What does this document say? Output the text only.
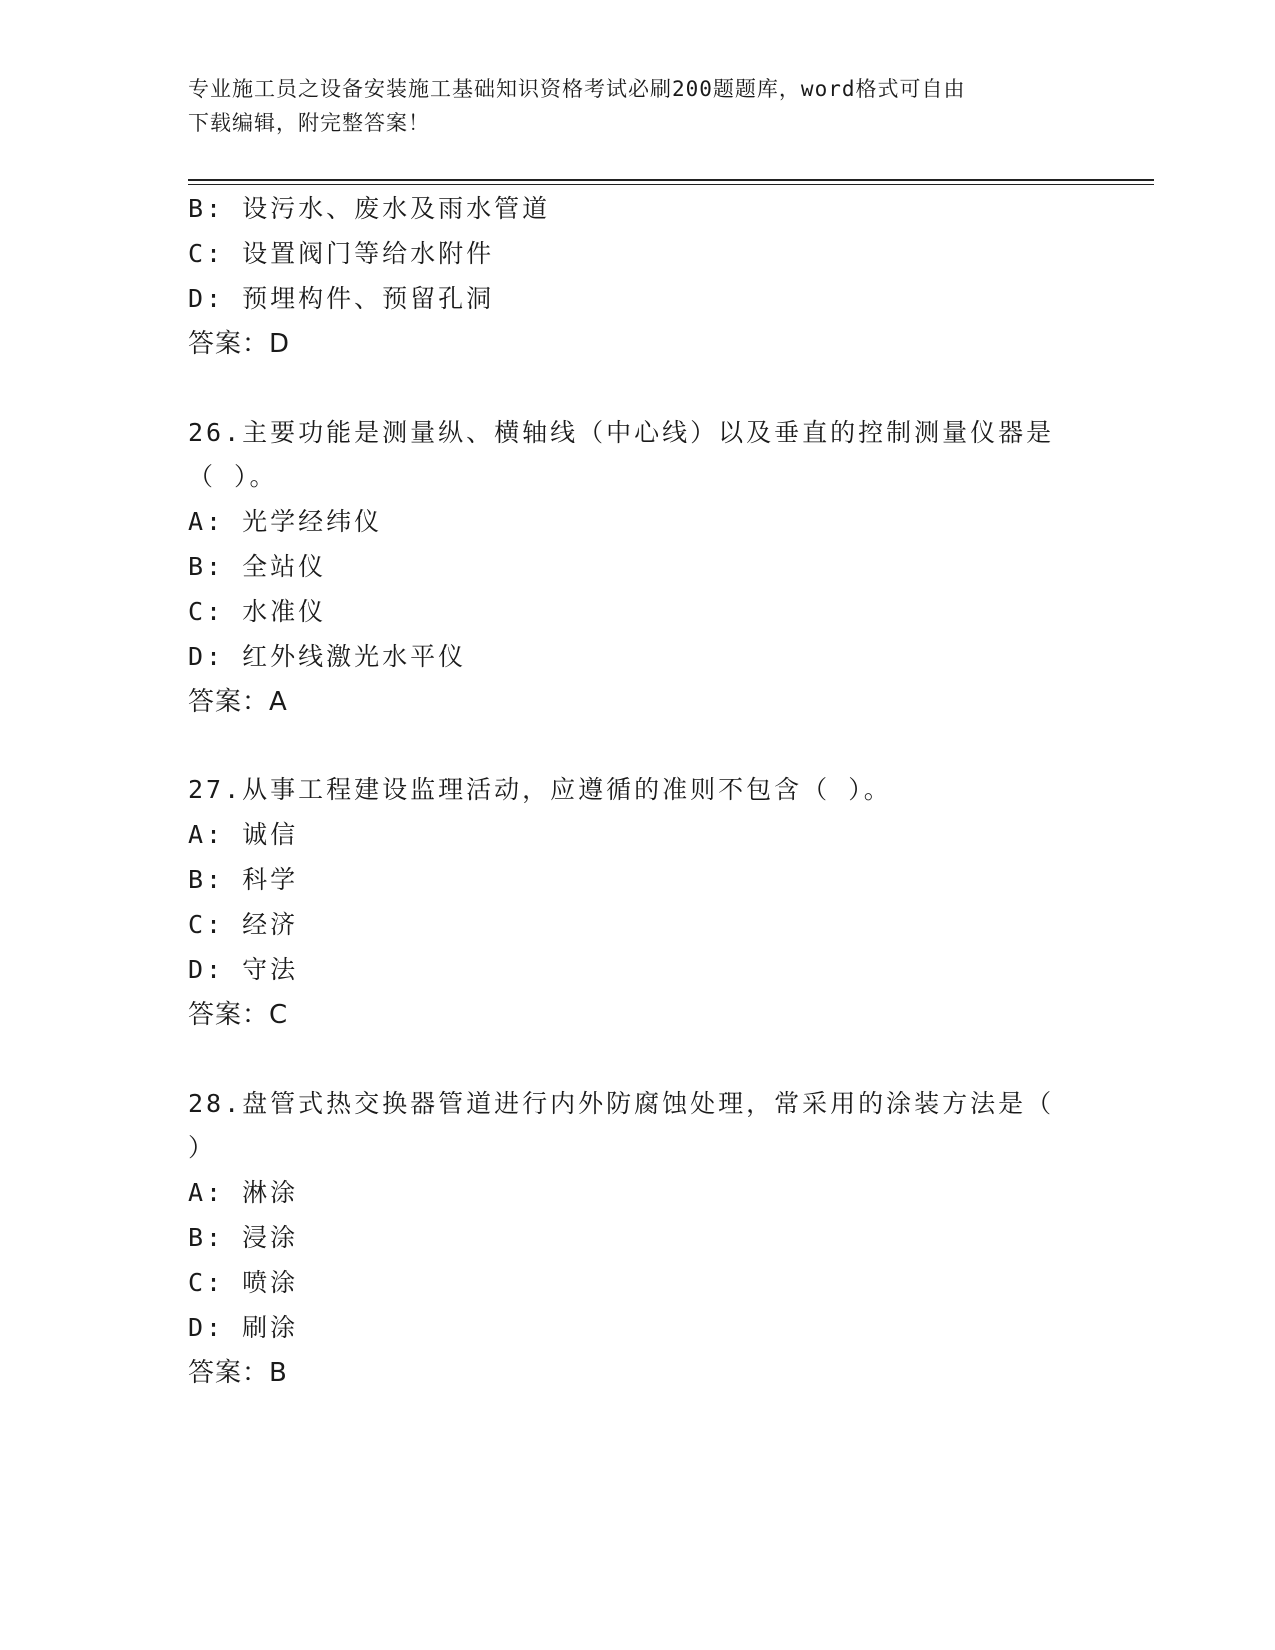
专业施工员之设备安装施工基础知识资格考试必刷200题题库，word格式可自由
下载编辑，附完整答案！
B: 设污水、废水及雨水管道
C: 设置阀门等给水附件
D: 预埋构件、预留孔洞
答案：D
26.主要功能是测量纵、横轴线（中心线）以及垂直的控制测量仪器是
（ ）。
A: 光学经纬仪
B: 全站仪
C: 水准仪
D: 红外线激光水平仪
答案：A
27.从事工程建设监理活动，应遵循的准则不包含（ ）。
A: 诚信
B: 科学
C: 经济
D: 守法
答案：C
28.盘管式热交换器管道进行内外防腐蚀处理，常采用的涂装方法是（
）
A: 淋涂
B: 浸涂
C: 喷涂
D: 刷涂
答案：B
